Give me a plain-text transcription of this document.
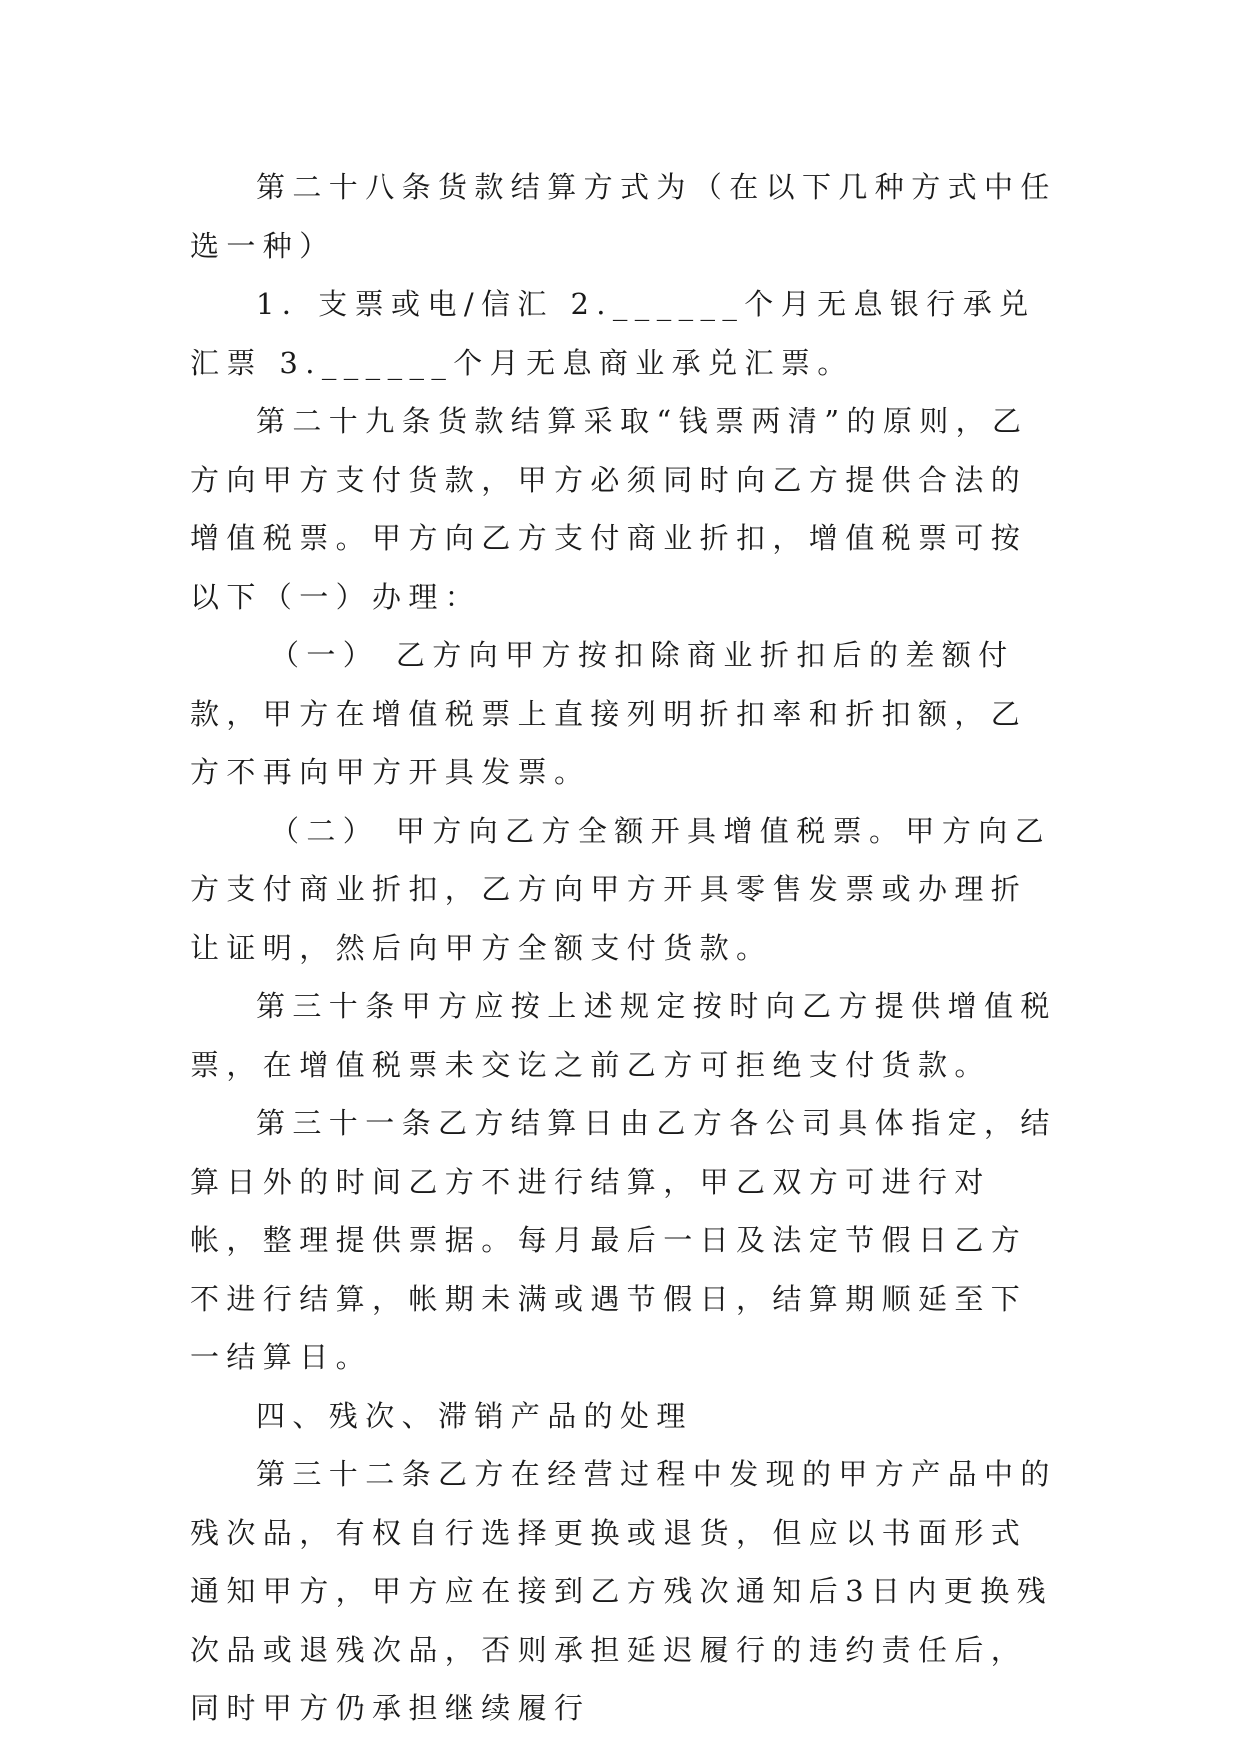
第二十八条货款结算方式为（在以下几种方式中任选一种）

1．支票或电/信汇 2.______个月无息银行承兑汇票 3.______个月无息商业承兑汇票。

第二十九条货款结算采取“钱票两清”的原则，乙方向甲方支付货款，甲方必须同时向乙方提供合法的增值税票。甲方向乙方支付商业折扣，增值税票可按以下（一）办理：

（一） 乙方向甲方按扣除商业折扣后的差额付款，甲方在增值税票上直接列明折扣率和折扣额，乙方不再向甲方开具发票。

（二） 甲方向乙方全额开具增值税票。甲方向乙方支付商业折扣，乙方向甲方开具零售发票或办理折让证明，然后向甲方全额支付货款。

第三十条甲方应按上述规定按时向乙方提供增值税票，在增值税票未交讫之前乙方可拒绝支付货款。

第三十一条乙方结算日由乙方各公司具体指定，结算日外的时间乙方不进行结算，甲乙双方可进行对帐，整理提供票据。每月最后一日及法定节假日乙方不进行结算，帐期未满或遇节假日，结算期顺延至下一结算日。

四、残次、滞销产品的处理

第三十二条乙方在经营过程中发现的甲方产品中的残次品，有权自行选择更换或退货，但应以书面形式通知甲方，甲方应在接到乙方残次通知后3日内更换残次品或退残次品，否则承担延迟履行的违约责任后，同时甲方仍承担继续履行
